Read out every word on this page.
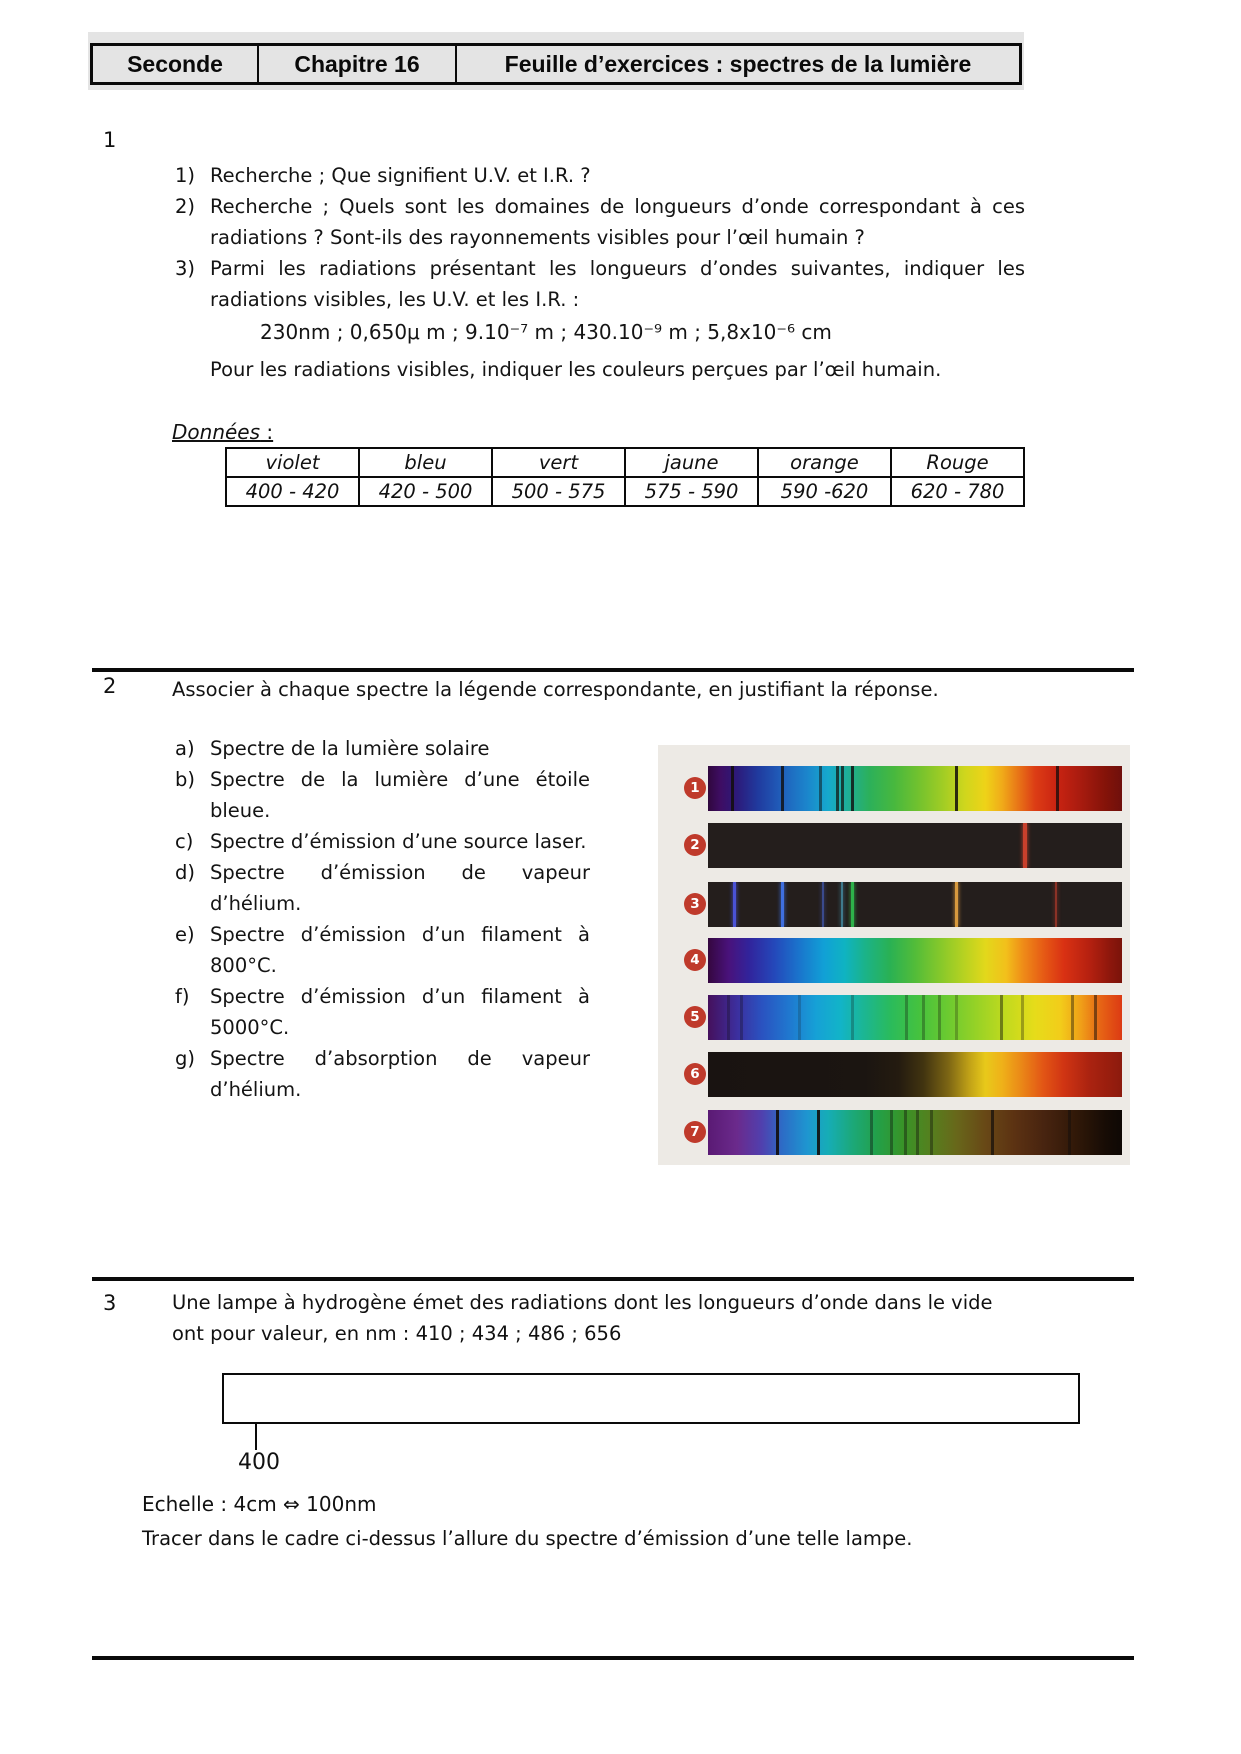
Seconde	Chapitre 16	Feuille d’exercices : spectres de la lumière
1
1) Recherche ; Que signifient U.V. et I.R. ?
2) Recherche ; Quels sont les domaines de longueurs d’onde correspondant à ces radiations ? Sont-ils des rayonnements visibles pour l’œil humain ?
3) Parmi les radiations présentant les longueurs d’ondes suivantes, indiquer les radiations visibles, les U.V. et les I.R. :
230nm ; 0,650μ m ; 9.10⁻⁷ m ; 430.10⁻⁹ m ; 5,8x10⁻⁶ cm
Pour les radiations visibles, indiquer les couleurs perçues par l’œil humain.
Données :
violet	bleu	vert	jaune	orange	Rouge
400 - 420	420 - 500	500 - 575	575 - 590	590 -620	620 - 780
2	Associer à chaque spectre la légende correspondante, en justifiant la réponse.
a) Spectre de la lumière solaire
b) Spectre de la lumière d’une étoile bleue.
c) Spectre d’émission d’une source laser.
d) Spectre d’émission de vapeur d’hélium.
e) Spectre d’émission d’un filament à 800°C.
f)	Spectre d’émission d’un filament à 5000°C.
g) Spectre d’absorption de vapeur d’hélium.
1
2
3
4
5
6
7
3	Une lampe à hydrogène émet des radiations dont les longueurs d’onde dans le vide
ont pour valeur, en nm : 410 ; 434 ; 486 ; 656
400
Echelle : 4cm ⇔ 100nm
Tracer dans le cadre ci-dessus l’allure du spectre d’émission d’une telle lampe.
